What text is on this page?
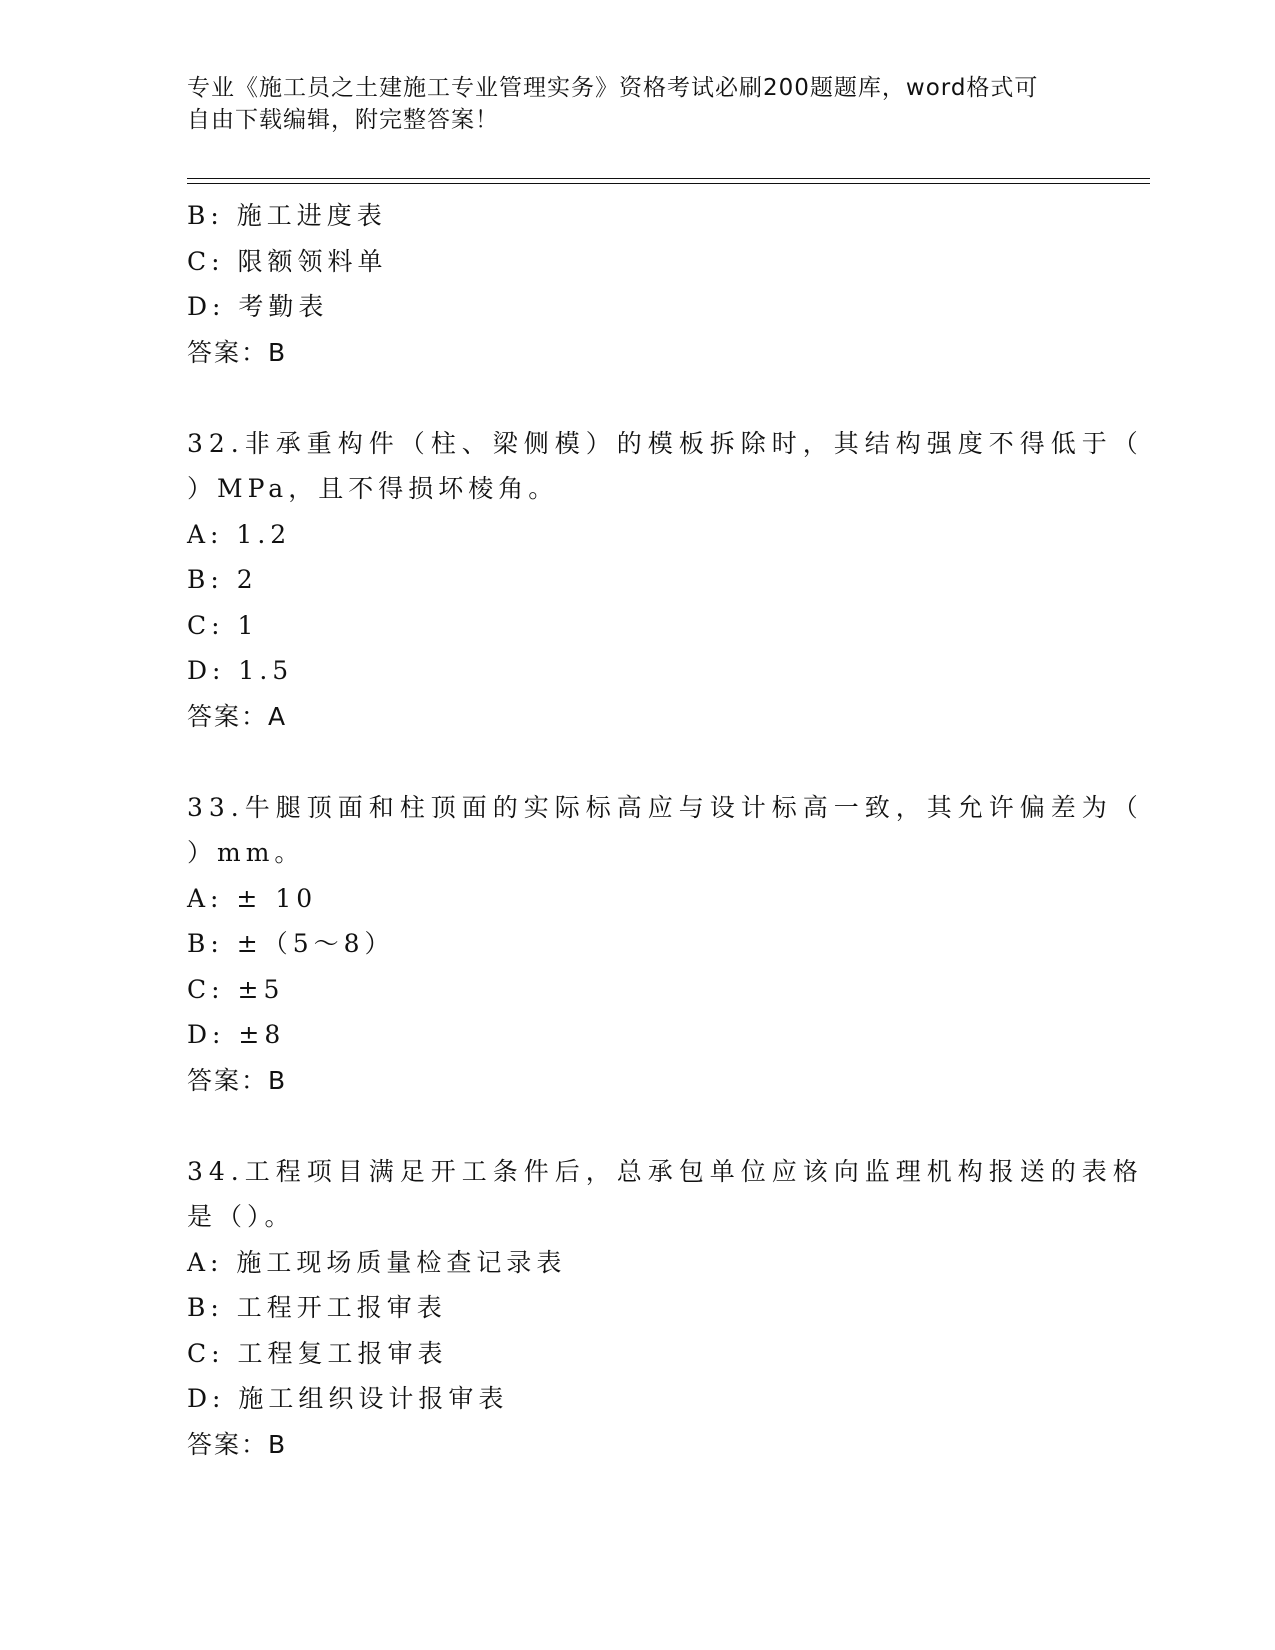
专业《施工员之土建施工专业管理实务》资格考试必刷200题题库，word格式可
自由下载编辑，附完整答案！
B: 施工进度表
C: 限额领料单
D: 考勤表
答案：B
32.非承重构件（柱、梁侧模）的模板拆除时，其结构强度不得低于（
）MPa，且不得损坏棱角。
A: 1.2
B: 2
C: 1
D: 1.5
答案：A
33.牛腿顶面和柱顶面的实际标高应与设计标高一致，其允许偏差为（
）mm。
A: ± 10
B: ±（5～8）
C: ±5
D: ±8
答案：B
34.工程项目满足开工条件后，总承包单位应该向监理机构报送的表格
是（）。
A: 施工现场质量检查记录表
B: 工程开工报审表
C: 工程复工报审表
D: 施工组织设计报审表
答案：B
